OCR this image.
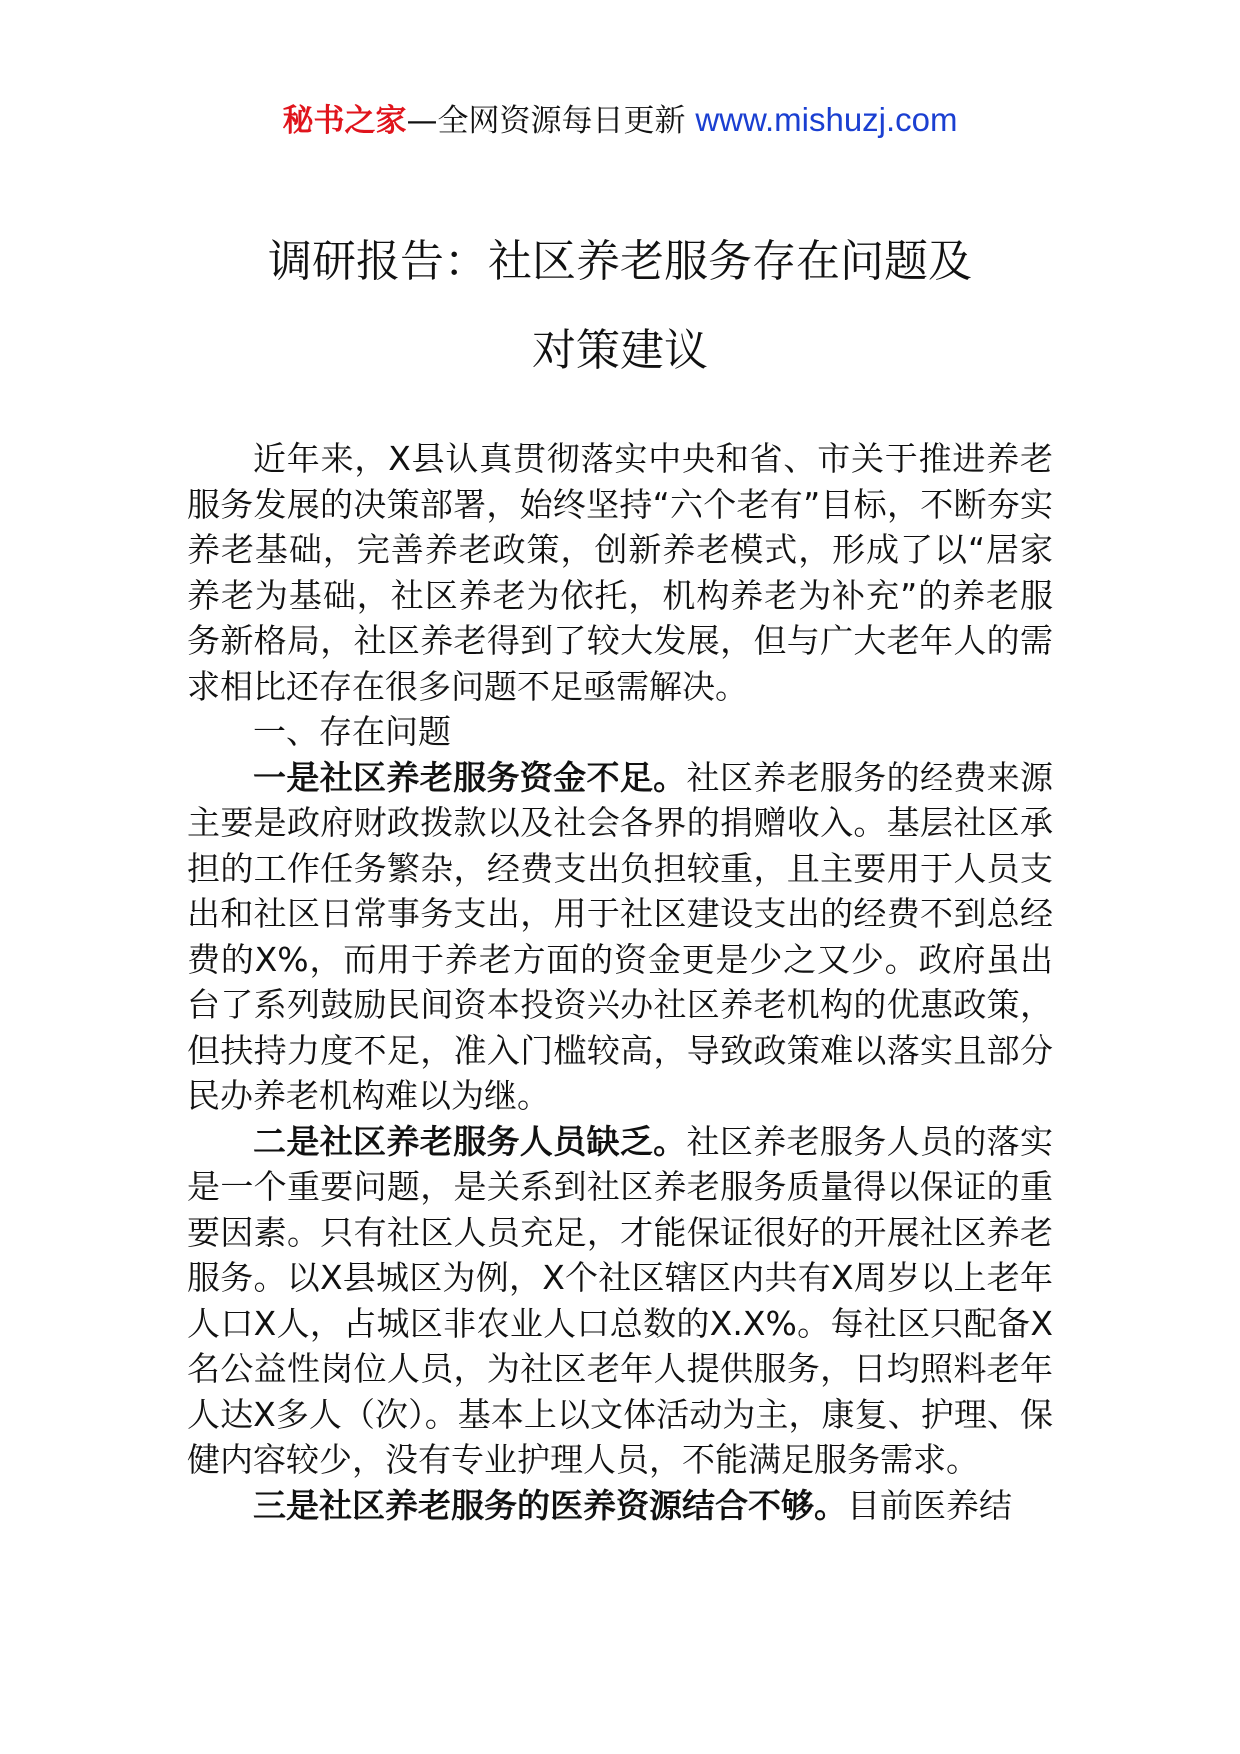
秘书之家—全网资源每日更新 www.mishuzj.com
调研报告：社区养老服务存在问题及
对策建议

近年来，X县认真贯彻落实中央和省、市关于推进养老服务发展的决策部署，始终坚持“六个老有”目标，不断夯实养老基础，完善养老政策，创新养老模式，形成了以“居家养老为基础，社区养老为依托，机构养老为补充”的养老服务新格局，社区养老得到了较大发展，但与广大老年人的需求相比还存在很多问题不足亟需解决。

一、存在问题

一是社区养老服务资金不足。社区养老服务的经费来源主要是政府财政拨款以及社会各界的捐赠收入。基层社区承担的工作任务繁杂，经费支出负担较重，且主要用于人员支出和社区日常事务支出，用于社区建设支出的经费不到总经费的X%，而用于养老方面的资金更是少之又少。政府虽出台了系列鼓励民间资本投资兴办社区养老机构的优惠政策，但扶持力度不足，准入门槛较高，导致政策难以落实且部分民办养老机构难以为继。

二是社区养老服务人员缺乏。社区养老服务人员的落实是一个重要问题，是关系到社区养老服务质量得以保证的重要因素。只有社区人员充足，才能保证很好的开展社区养老服务。以X县城区为例，X个社区辖区内共有X周岁以上老年人口X人，占城区非农业人口总数的X.X%。每社区只配备X名公益性岗位人员，为社区老年人提供服务，日均照料老年人达X多人（次）。基本上以文体活动为主，康复、护理、保健内容较少，没有专业护理人员，不能满足服务需求。

三是社区养老服务的医养资源结合不够。目前医养结
